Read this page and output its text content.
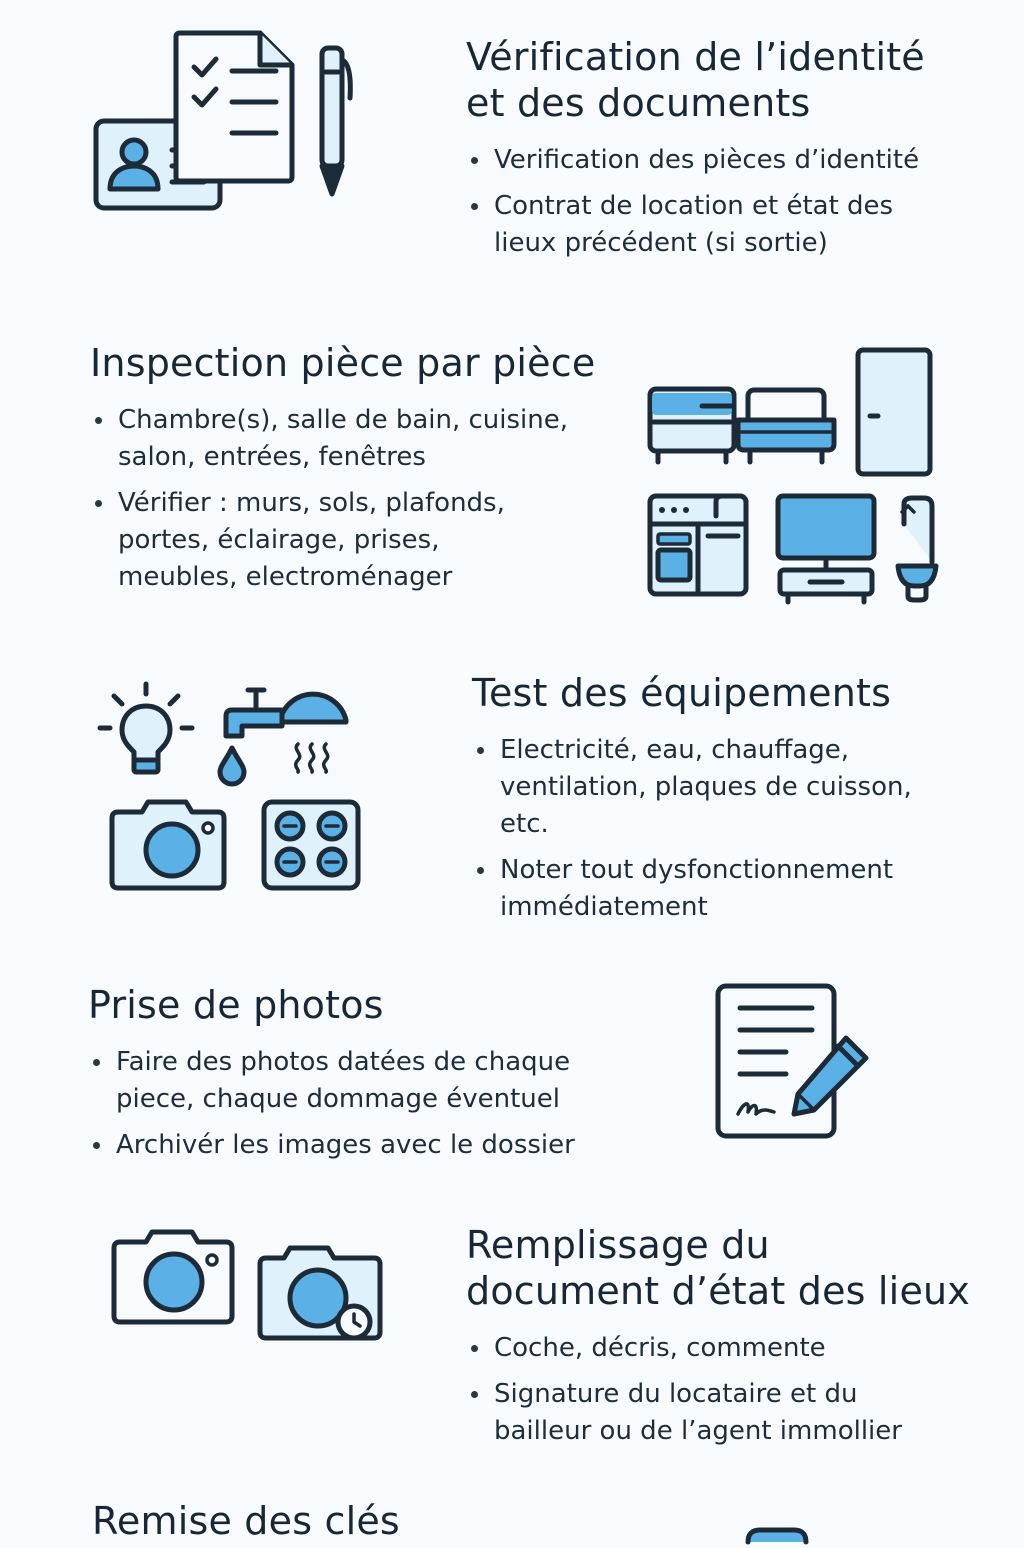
Vérification de l’identité
et des documents
Verification des pièces d’identité
Contrat de location et état des lieux précédent (si sortie)
Inspection pièce par pièce
Chambre(s), salle de bain, cuisine, salon, entrées, fenêtres
Vérifier : murs, sols, plafonds, portes, éclairage, prises, meubles, electroménager
Test des équipements
Electricité, eau, chauffage, ventilation, plaques de cuisson, etc.
Noter tout dysfonctionnement immédiatement
Prise de photos
Faire des photos datées de chaque piece, chaque dommage éventuel
Archivér les images avec le dossier
Remplissage du
document d’état des lieux
Coche, décris, commente
Signature du locataire et du bailleur ou de l’agent immollier
Remise des clés
